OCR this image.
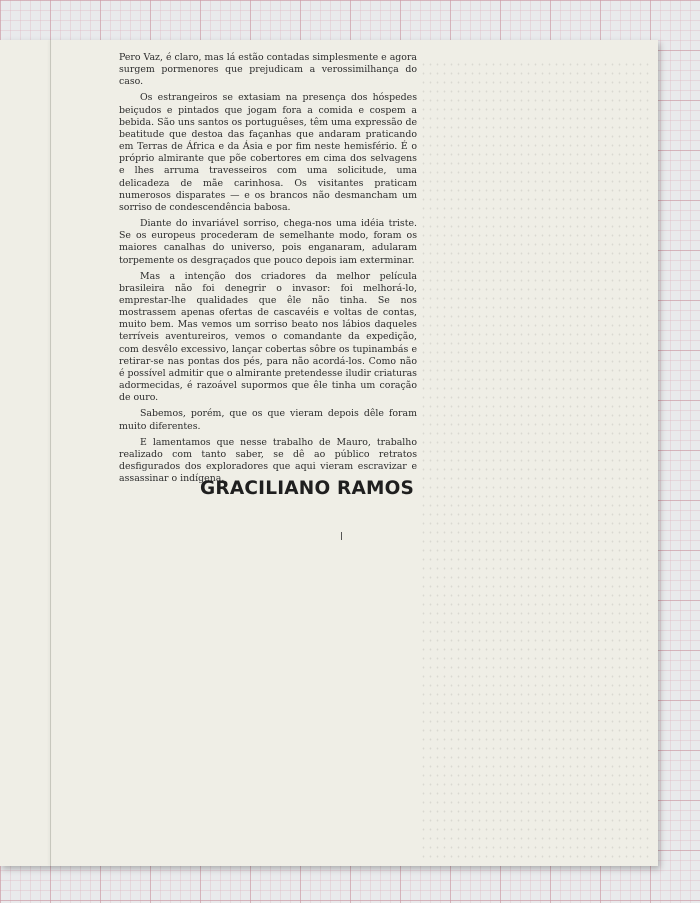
Pero Vaz, é claro, mas lá estão contadas simplesmente e agora surgem pormenores que prejudicam a verossimilhança do caso.

Os estrangeiros se extasiam na presença dos hóspedes beiçudos e pintados que jogam fora a comida e cospem a bebida. São uns santos os portuguêses, têm uma expressão de beatitude que destoa das façanhas que andaram praticando em Terras de África e da Ásia e por fim neste hemisfério. É o próprio almirante que põe cobertores em cima dos selvagens e lhes arruma travesseiros com uma solicitude, uma delicadeza de mãe carinhosa. Os visitantes praticam numerosos disparates — e os brancos não desmancham um sorriso de condescendência babosa.

Diante do invariável sorriso, chega-nos uma idéia triste. Se os europeus procederam de semelhante modo, foram os maiores canalhas do universo, pois enganaram, adularam torpemente os desgraçados que pouco depois iam exterminar.

Mas a intenção dos criadores da melhor película brasileira não foi denegrir o invasor: foi melhorá-lo, emprestar-lhe qualidades que êle não tinha. Se nos mostrassem apenas ofertas de cascavéis e voltas de contas, muito bem. Mas vemos um sorriso beato nos lábios daqueles terríveis aventureiros, vemos o comandante da expedição, com desvêlo excessivo, lançar cobertas sôbre os tupinambás e retirar-se nas pontas dos pés, para não acordá-los. Como não é possível admitir que o almirante pretendesse iludir criaturas adormecidas, é razoável supormos que êle tinha um coração de ouro.

Sabemos, porém, que os que vieram depois dêle foram muito diferentes.

E lamentamos que nesse trabalho de Mauro, trabalho realizado com tanto saber, se dê ao público retratos desfigurados dos exploradores que aqui vieram escravizar e assassinar o indígena.

GRACILIANO RAMOS
